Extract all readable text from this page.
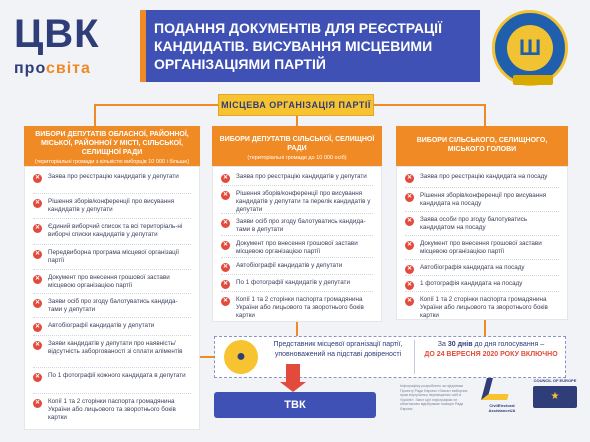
ЦВК
просвіта
ПОДАННЯ ДОКУМЕНТІВ ДЛЯ РЕЄСТРАЦІЇ КАНДИДАТІВ. ВИСУВАННЯ МІСЦЕВИМИ ОРГАНІЗАЦІЯМИ ПАРТІЙ
Ш
МІСЦЕВА ОРГАНІЗАЦІЯ ПАРТІЇ
ВИБОРИ ДЕПУТАТІВ ОБЛАСНОЇ, РАЙОННОЇ, МІСЬКОЇ, РАЙОННОЇ У МІСТІ, СІЛЬСЬКОЇ, СЕЛИЩНОЇ РАДИ
(територіальні громади з кількістю виборців 10 000 і більше)
✕	Заява про реєстрацію кандидатів у депутати
✕	Рішення зборів/конференції про висування кандидатів у депутати
✕	Єдиний виборчий список та всі територіаль-ні виборчі списки кандидатів у депутати
✕	Передвиборна програма місцевої організації партії
✕	Документ про внесення грошової застави місцевою організацією партії
✕	Заяви осіб про згоду балотуватись кандида-тами у депутати
✕	Автобіографії кандидатів у депутати
✕	Заяви кандидатів у депутати про наявність/відсутність заборгованості зі сплати аліментів
✕	По 1 фотографії кожного кандидата в депутати
✕	Копії 1 та 2 сторінки паспорта громадянина України або лицьового та зворотнього боків картки
ВИБОРИ ДЕПУТАТІВ СІЛЬСЬКОЇ, СЕЛИЩНОЇ РАДИ
(територіальні громади до 10 000 осіб)
✕	Заява про реєстрацію кандидатів у депутати
✕	Рішення зборів/конференції про висування кандидатів у депутати та перелік кандидатів у депутати
✕	Заяви осіб про згоду балотуватись кандида-тами в депутати
✕	Документ про внесення грошової застави місцевою організацією партії
✕	Автобіографії кандидатів у депутати
✕	По 1 фотографії кандидатів у депутати
✕	Копії 1 та 2 сторінки паспорта громадянина України або лицьового та зворотнього боків картки
ВИБОРИ СІЛЬСЬКОГО, СЕЛИЩНОГО, МІСЬКОГО ГОЛОВИ
✕	Заява про реєстрацію кандидата на посаду
✕	Рішення зборів/конференції про висування кандидата на посаду
✕	Заява особи про згоду балотуватись кандидатом на посаду
✕	Документ про внесення грошової застави місцевою організацією партії
✕	Автобіографія кандидата на посаду
✕	1 фотографія кандидата на посаду
✕	Копії 1 та 2 сторінки паспорта громадянина України або лицьового та зворотнього боків картки
●
Представник місцевої організації партії, уповноважений на підставі довіреності
За 30 днів до дня голосування –
ДО 24 ВЕРЕСНЯ 2020 РОКУ ВКЛЮЧНО
ТВК
Інфографіку розроблено за підтримки Проекту Ради Європи «Захист виборчих прав внутрішньо переміщених осіб в Україні». Зміст цієї інфографіки не обов'язково відображає позицію Ради Європи.
CivilElectoral AssistanceUA
COUNCIL OF EUROPE
★
